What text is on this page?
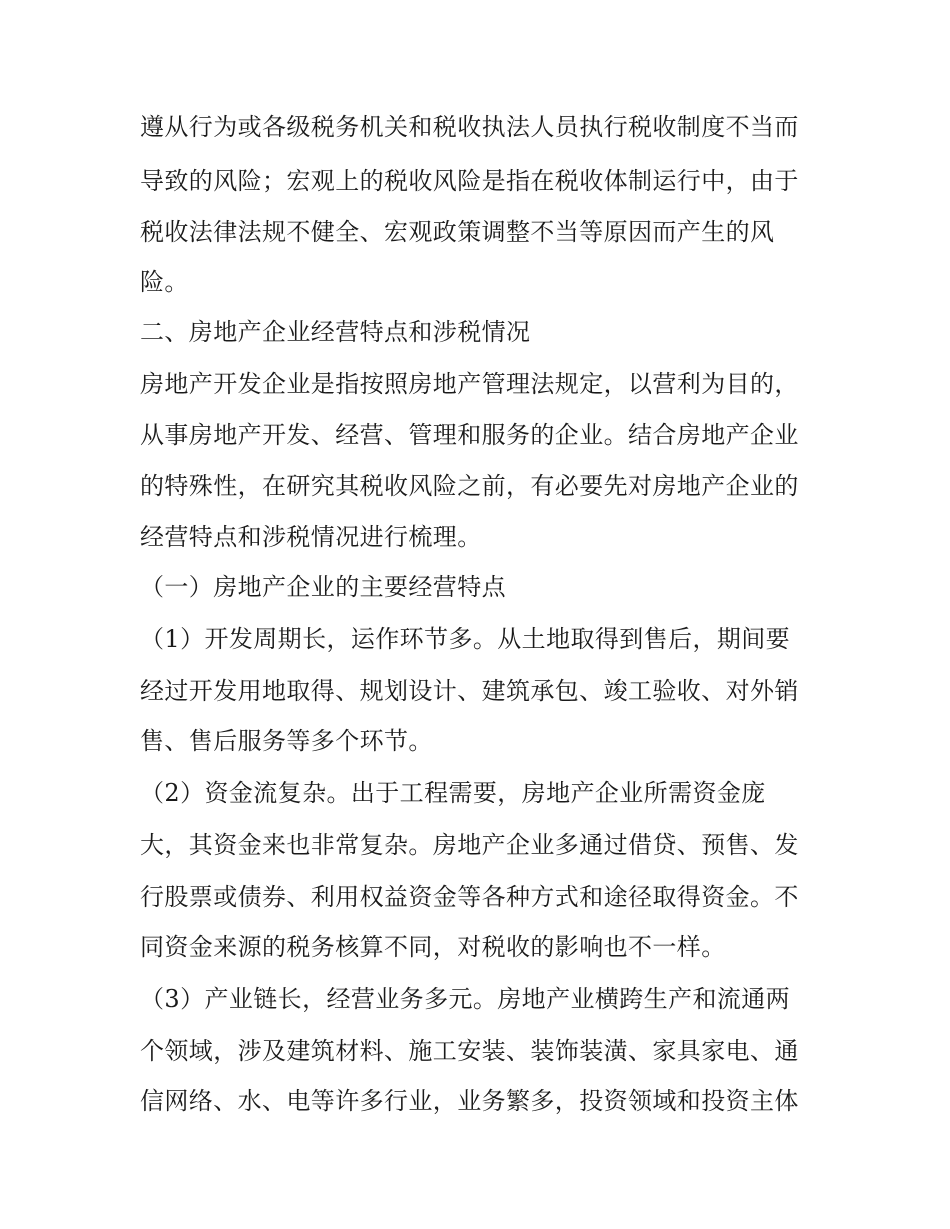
遵从行为或各级税务机关和税收执法人员执行税收制度不当而
导致的风险；宏观上的税收风险是指在税收体制运行中，由于
税收法律法规不健全、宏观政策调整不当等原因而产生的风
险。
二、房地产企业经营特点和涉税情况
房地产开发企业是指按照房地产管理法规定，以营利为目的，
从事房地产开发、经营、管理和服务的企业。结合房地产企业
的特殊性，在研究其税收风险之前，有必要先对房地产企业的
经营特点和涉税情况进行梳理。
（一）房地产企业的主要经营特点
（1）开发周期长，运作环节多。从土地取得到售后，期间要
经过开发用地取得、规划设计、建筑承包、竣工验收、对外销
售、售后服务等多个环节。
（2）资金流复杂。出于工程需要，房地产企业所需资金庞
大，其资金来也非常复杂。房地产企业多通过借贷、预售、发
行股票或债券、利用权益资金等各种方式和途径取得资金。不
同资金来源的税务核算不同，对税收的影响也不一样。
（3）产业链长，经营业务多元。房地产业横跨生产和流通两
个领域，涉及建筑材料、施工安装、装饰装潢、家具家电、通
信网络、水、电等许多行业，业务繁多，投资领域和投资主体
